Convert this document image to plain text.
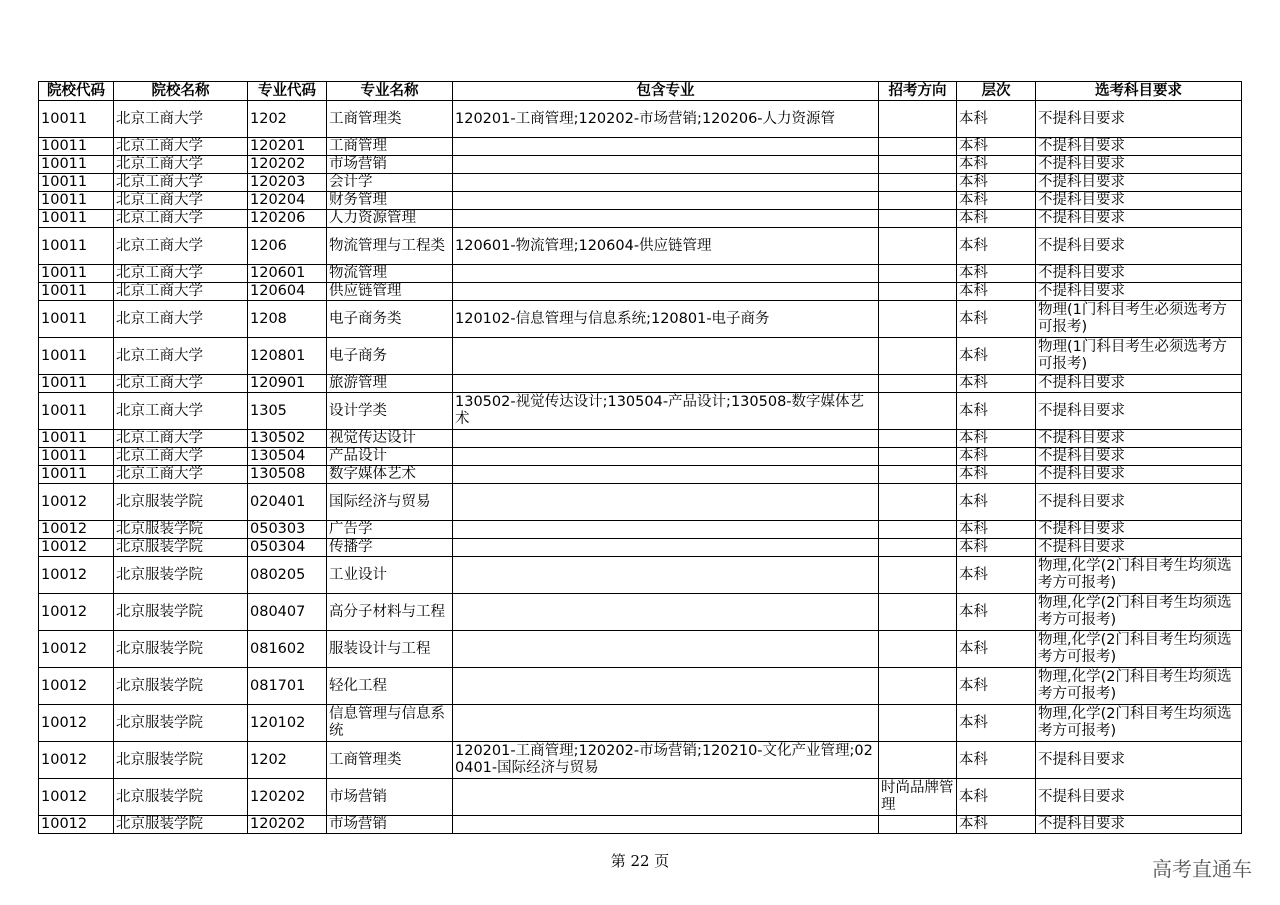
院校代码	院校名称	专业代码	专业名称	包含专业	招考方向	层次	选考科目要求
10011	北京工商大学	1202	工商管理类	120201-工商管理;120202-市场营销;120206-人力资源管		本科	不提科目要求
10011	北京工商大学	120201	工商管理			本科	不提科目要求
10011	北京工商大学	120202	市场营销			本科	不提科目要求
10011	北京工商大学	120203	会计学			本科	不提科目要求
10011	北京工商大学	120204	财务管理			本科	不提科目要求
10011	北京工商大学	120206	人力资源管理			本科	不提科目要求
10011	北京工商大学	1206	物流管理与工程类	120601-物流管理;120604-供应链管理		本科	不提科目要求
10011	北京工商大学	120601	物流管理			本科	不提科目要求
10011	北京工商大学	120604	供应链管理			本科	不提科目要求
10011	北京工商大学	1208	电子商务类	120102-信息管理与信息系统;120801-电子商务		本科	物理(1门科目考生必须选考方可报考)
10011	北京工商大学	120801	电子商务			本科	物理(1门科目考生必须选考方可报考)
10011	北京工商大学	120901	旅游管理			本科	不提科目要求
10011	北京工商大学	1305	设计学类	130502-视觉传达设计;130504-产品设计;130508-数字媒体艺术		本科	不提科目要求
10011	北京工商大学	130502	视觉传达设计			本科	不提科目要求
10011	北京工商大学	130504	产品设计			本科	不提科目要求
10011	北京工商大学	130508	数字媒体艺术			本科	不提科目要求
10012	北京服装学院	020401	国际经济与贸易			本科	不提科目要求
10012	北京服装学院	050303	广告学			本科	不提科目要求
10012	北京服装学院	050304	传播学			本科	不提科目要求
10012	北京服装学院	080205	工业设计			本科	物理,化学(2门科目考生均须选考方可报考)
10012	北京服装学院	080407	高分子材料与工程			本科	物理,化学(2门科目考生均须选考方可报考)
10012	北京服装学院	081602	服装设计与工程			本科	物理,化学(2门科目考生均须选考方可报考)
10012	北京服装学院	081701	轻化工程			本科	物理,化学(2门科目考生均须选考方可报考)
10012	北京服装学院	120102	信息管理与信息系统			本科	物理,化学(2门科目考生均须选考方可报考)
10012	北京服装学院	1202	工商管理类	120201-工商管理;120202-市场营销;120210-文化产业管理;020401-国际经济与贸易		本科	不提科目要求
10012	北京服装学院	120202	市场营销		时尚品牌管理	本科	不提科目要求
10012	北京服装学院	120202	市场营销			本科	不提科目要求
第 22 页	高考直通车
